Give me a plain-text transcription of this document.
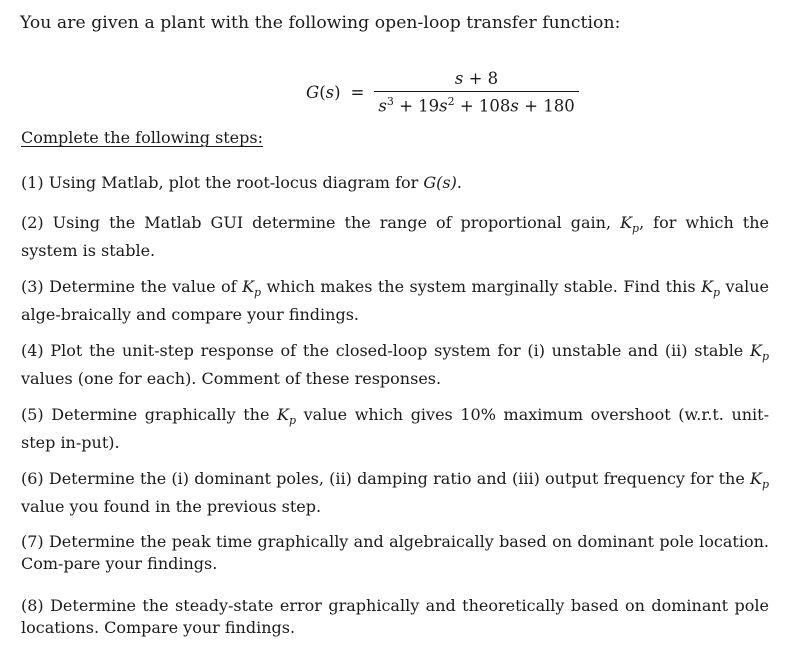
You are given a plant with the following open-loop transfer function:
$G(s) = \frac{s + 8}{s^3 + 19s^2 + 108s + 180}$
Complete the following steps:
(1) Using Matlab, plot the root-locus diagram for G(s).
(2) Using the Matlab GUI determine the range of proportional gain, $K_p$, for which the system is stable.
(3) Determine the value of $K_p$ which makes the system marginally stable. Find this $K_p$ value alge-braically and compare your findings.
(4) Plot the unit-step response of the closed-loop system for (i) unstable and (ii) stable $K_p$ values (one for each). Comment of these responses.
(5) Determine graphically the $K_p$ value which gives 10% maximum overshoot (w.r.t. unit-step in-put).
(6) Determine the (i) dominant poles, (ii) damping ratio and (iii) output frequency for the $K_p$ value you found in the previous step.
(7) Determine the peak time graphically and algebraically based on dominant pole location. Com-pare your findings.
(8) Determine the steady-state error graphically and theoretically based on dominant pole locations. Compare your findings.
